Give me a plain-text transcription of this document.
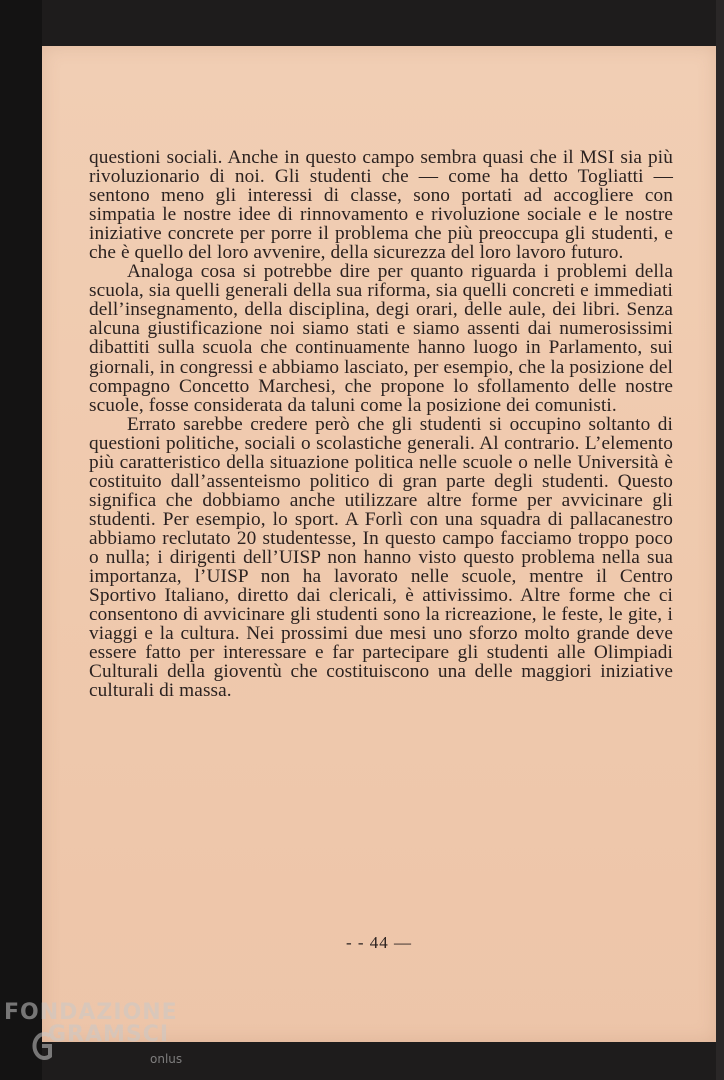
questioni sociali. Anche in questo campo sembra quasi che il MSI sia più rivoluzionario di noi. Gli studenti che — come ha detto Togliatti — sentono meno gli interessi di classe, sono portati ad accogliere con simpatia le nostre idee di rinnovamento e rivoluzione sociale e le nostre iniziative concrete per porre il problema che più preoccupa gli studenti, e che è quello del loro avvenire, della sicurezza del loro lavoro futuro.

Analoga cosa si potrebbe dire per quanto riguarda i problemi della scuola, sia quelli generali della sua riforma, sia quelli concreti e immediati dell’insegnamento, della disciplina, degi orari, delle aule, dei libri. Senza alcuna giustificazione noi siamo stati e siamo assenti dai numerosissimi dibattiti sulla scuola che continuamente hanno luogo in Parlamento, sui giornali, in congressi e abbiamo lasciato, per esempio, che la posizione del compagno Concetto Marchesi, che propone lo sfollamento delle nostre scuole, fosse considerata da taluni come la posizione dei comunisti.

Errato sarebbe credere però che gli studenti si occupino soltanto di questioni politiche, sociali o scolastiche generali. Al contrario. L’elemento più caratteristico della situazione politica nelle scuole o nelle Università è costituito dall’assenteismo politico di gran parte degli studenti. Questo significa che dobbiamo anche utilizzare altre forme per avvicinare gli studenti. Per esempio, lo sport. A Forlì con una squadra di pallacanestro abbiamo reclutato 20 studentesse, In questo campo facciamo troppo poco o nulla; i dirigenti dell’UISP non hanno visto questo problema nella sua importanza, l’UISP non ha lavorato nelle scuole, mentre il Centro Sportivo Italiano, diretto dai clericali, è attivissimo. Altre forme che ci consentono di avvicinare gli studenti sono la ricreazione, le feste, le gite, i viaggi e la cultura. Nei prossimi due mesi uno sforzo molto grande deve essere fatto per interessare e far partecipare gli studenti alle Olimpiadi Culturali della gioventù che costituiscono una delle maggiori iniziative culturali di massa.

- - 44 —
FONDAZIONE
GRAMSCI
onlus
